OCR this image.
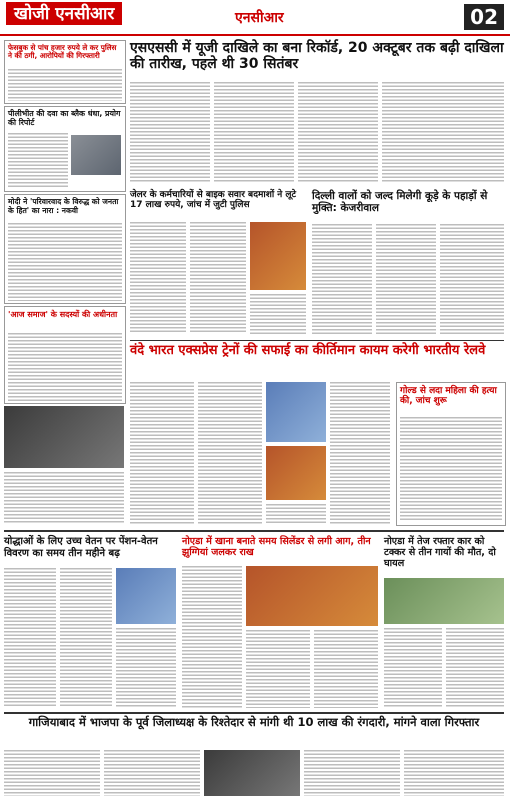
खोजी एनसीआर	एनसीआर	02

फेसबुक से पांच हजार रुपये ले कर पुलिस ने की ठगी, आरोपियों की गिरफ्तारी

पीलीभीत की दवा का ब्लैक धंधा, प्रयोग की रिपोर्ट

मोदी ने 'परिवारवाद के विरुद्ध को जनता के हित' का नारा : नकवी

'आज समाज' के सदस्यों की अधीनता

एसएससी में यूजी दाखिले का बना रिकॉर्ड, 20 अक्टूबर तक बढ़ी दाखिला की तारीख, पहले थी 30 सितंबर

जेलर के कर्मचारियों से बाइक सवार बदमाशों ने लूटे 17 लाख रुपये, जांच में जुटी पुलिस

दिल्ली वालों को जल्द मिलेगी कूड़े के पहाड़ों से मुक्ति: केजरीवाल

वंदे भारत एक्सप्रेस ट्रेनों की सफाई का कीर्तिमान कायम करेगी भारतीय रेलवे

गोल्ड से लदा महिला की हत्या की, जांच शुरू

योद्धाओं के लिए उच्च वेतन पर पेंशन-वेतन विवरण का समय तीन महीने बढ़

नोएडा में खाना बनाते समय सिलेंडर से लगी आग, तीन झुग्गियां जलकर राख

नोएडा में तेज रफ्तार कार को टक्कर से तीन गायों की मौत, दो घायल

गाजियाबाद में भाजपा के पूर्व जिलाध्यक्ष के रिश्तेदार से मांगी थी 10 लाख की रंगदारी, मांगने वाला गिरफ्तार
